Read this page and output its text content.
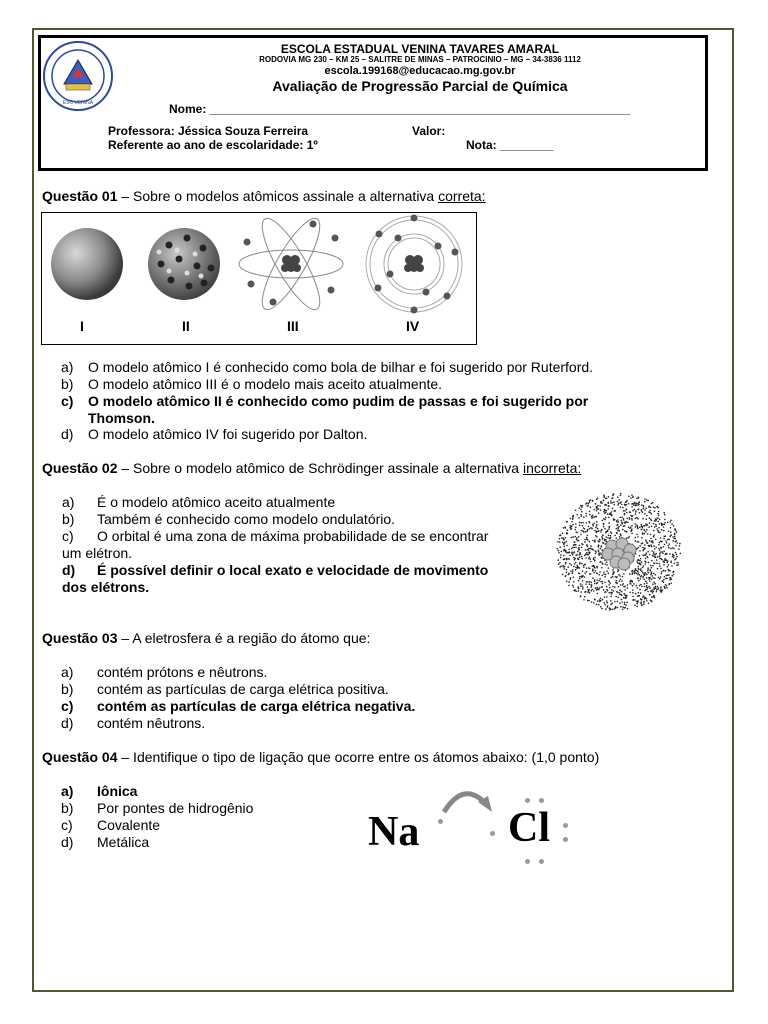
ESC VENINA
ESCOLA ESTADUAL VENINA TAVARES AMARAL
RODOVIA MG 230 – KM 25 – SALITRE DE MINAS – PATROCINIO – MG – 34-3836 1112
escola.199168@educacao.mg.gov.br
Avaliação de Progressão Parcial de Química
Nome: _______________________________________________________________
Professora: Jéssica Souza Ferreira	Valor:
Referente ao ano de escolaridade: 1º	Nota: ________
Questão 01 – Sobre o modelos atômicos assinale a alternativa correta:
I	II	III	IV
a) O modelo atômico I é conhecido como bola de bilhar e foi sugerido por Ruterford.
b) O modelo atômico III é o modelo mais aceito atualmente.
c) O modelo atômico II é conhecido como pudim de passas e foi sugerido por
Thomson.
d) O modelo atômico IV foi sugerido por Dalton.
Questão 02 – Sobre o modelo atômico de Schrödinger assinale a alternativa incorreta:
a) É o modelo atômico aceito atualmente
b) Também é conhecido como modelo ondulatório.
c) O orbital é uma zona de máxima probabilidade de se encontrar
um elétron.
d) É possível definir o local exato e velocidade de movimento
dos elétrons.
Questão 03 – A eletrosfera é a região do átomo que:
a) contém prótons e nêutrons.
b) contém as partículas de carga elétrica positiva.
c) contém as partículas de carga elétrica negativa.
d) contém nêutrons.
Questão 04 – Identifique o tipo de ligação que ocorre entre os átomos abaixo: (1,0 ponto)
a) Iônica
b) Por pontes de hidrogênio
c) Covalente
d) Metálica	Na Cl
